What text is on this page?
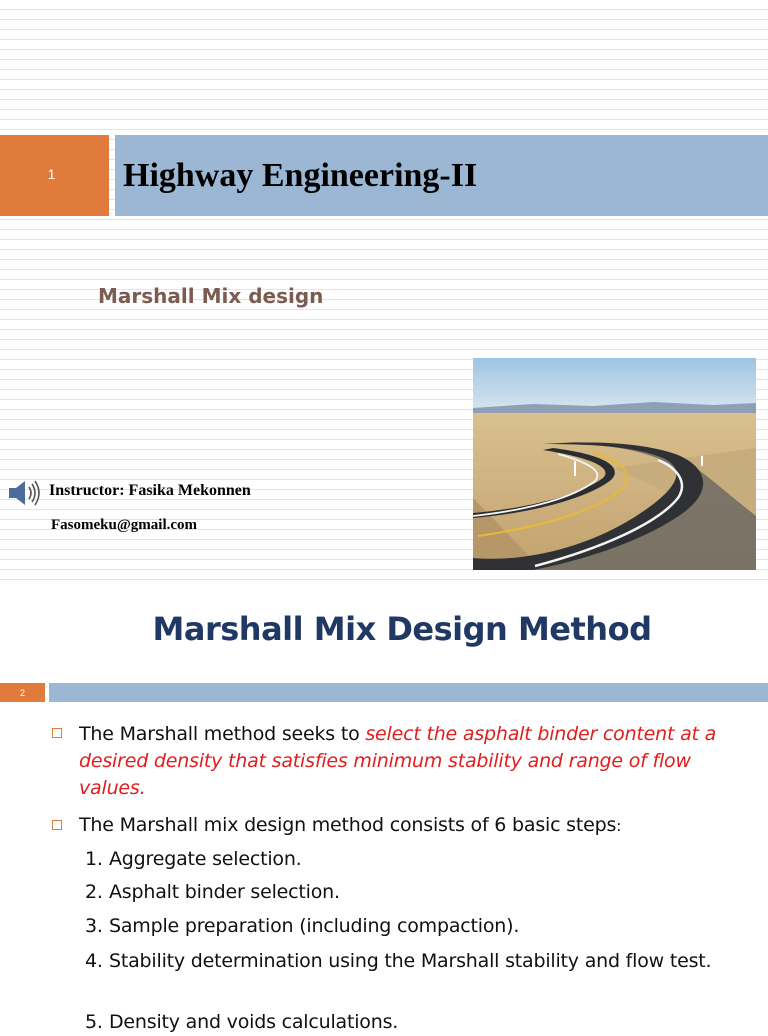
1 Highway Engineering-II

Marshall Mix design

Instructor: Fasika Mekonnen
Fasomeku@gmail.com
Marshall Mix Design Method
2

The Marshall method seeks to select the asphalt binder content at a desired density that satisfies minimum stability and range of flow values.

The Marshall mix design method consists of 6 basic steps:

1. Aggregate selection.
2. Asphalt binder selection.
3. Sample preparation (including compaction).
4. Stability determination using the Marshall stability and flow test.
5. Density and voids calculations.
